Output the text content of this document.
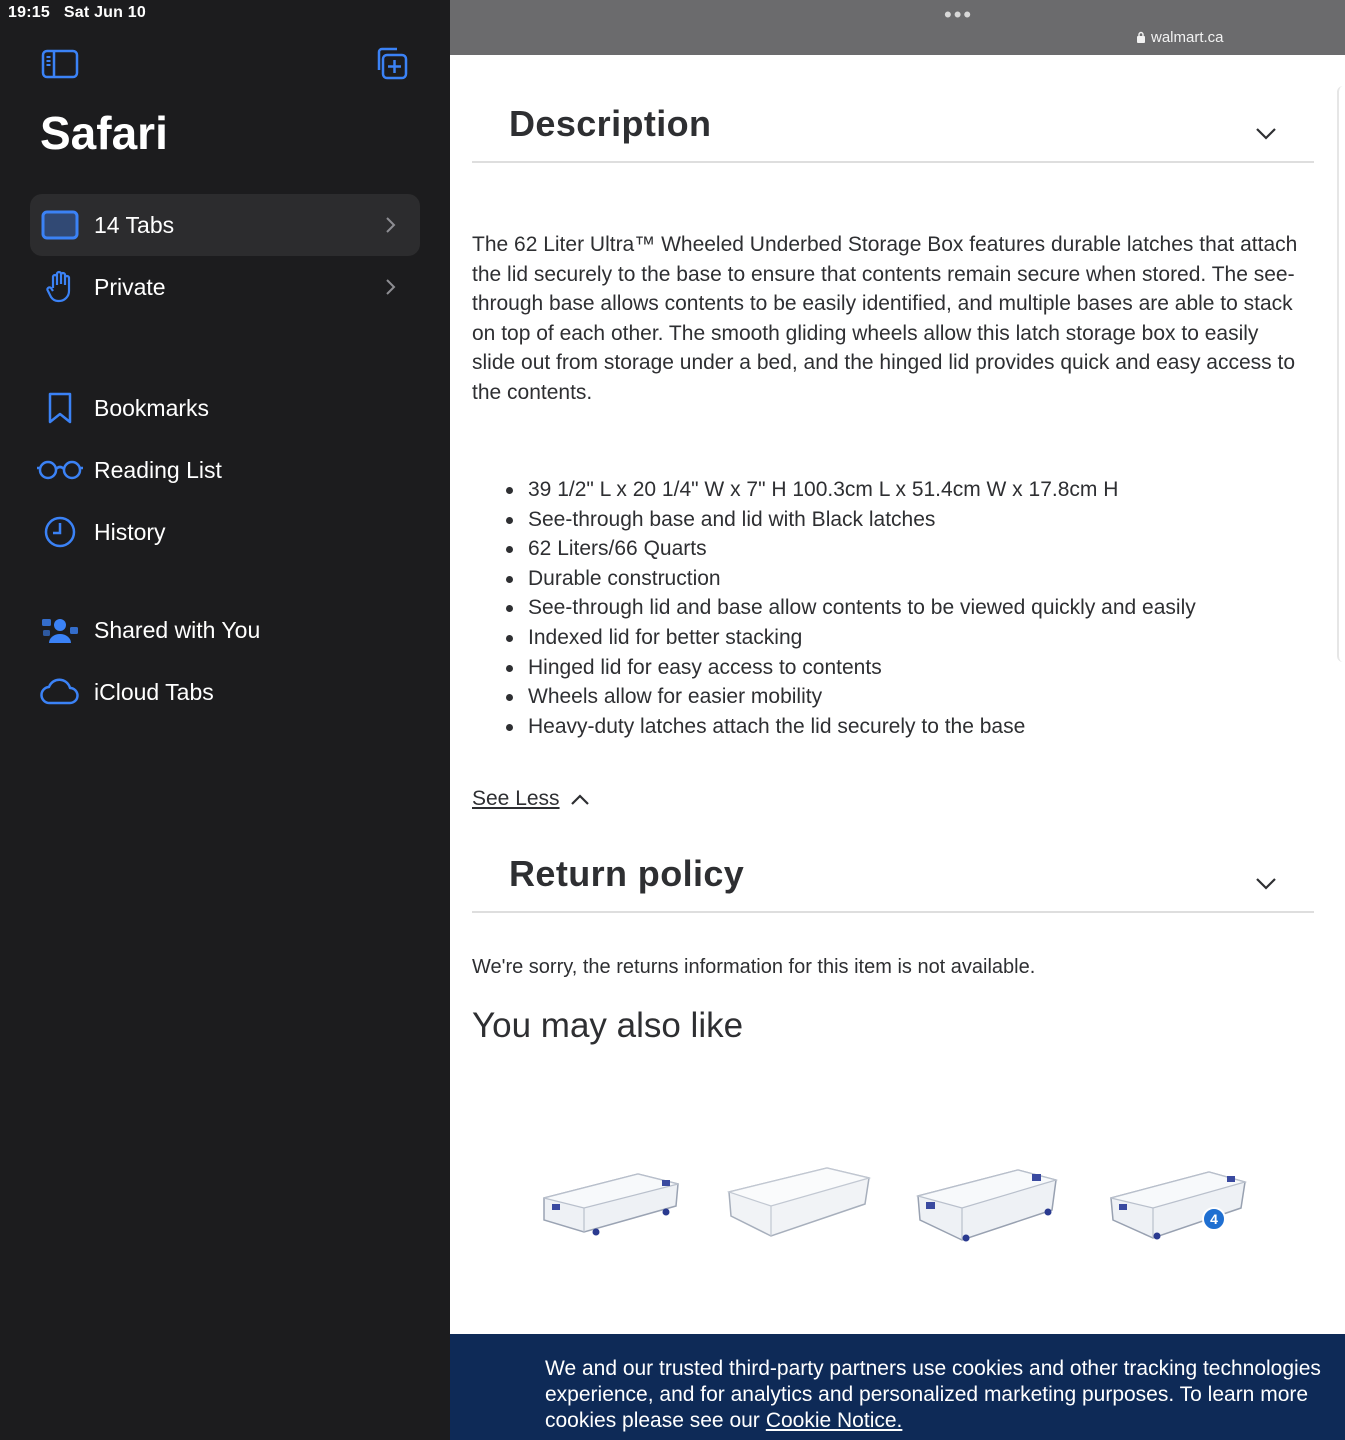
19:15 Sat Jun 10
Safari
14 Tabs
Private
Bookmarks
Reading List
History
Shared with You
iCloud Tabs
•••
walmart.ca
Description

The 62 Liter Ultra™ Wheeled Underbed Storage Box features durable latches that attach the lid securely to the base to ensure that contents remain secure when stored. The see-through base allows contents to be easily identified, and multiple bases are able to stack on top of each other. The smooth gliding wheels allow this latch storage box to easily slide out from storage under a bed, and the hinged lid provides quick and easy access to the contents.

39 1/2" L x 20 1/4" W x 7" H 100.3cm L x 51.4cm W x 17.8cm H
See-through base and lid with Black latches
62 Liters/66 Quarts
Durable construction
See-through lid and base allow contents to be viewed quickly and easily
Indexed lid for better stacking
Hinged lid for easy access to contents
Wheels allow for easier mobility
Heavy-duty latches attach the lid securely to the base
See Less
Return policy

We're sorry, the returns information for this item is not available.

You may also like
4

We and our trusted third-party partners use cookies and other tracking technologies
experience, and for analytics and personalized marketing purposes. To learn more
cookies please see our Cookie Notice.
